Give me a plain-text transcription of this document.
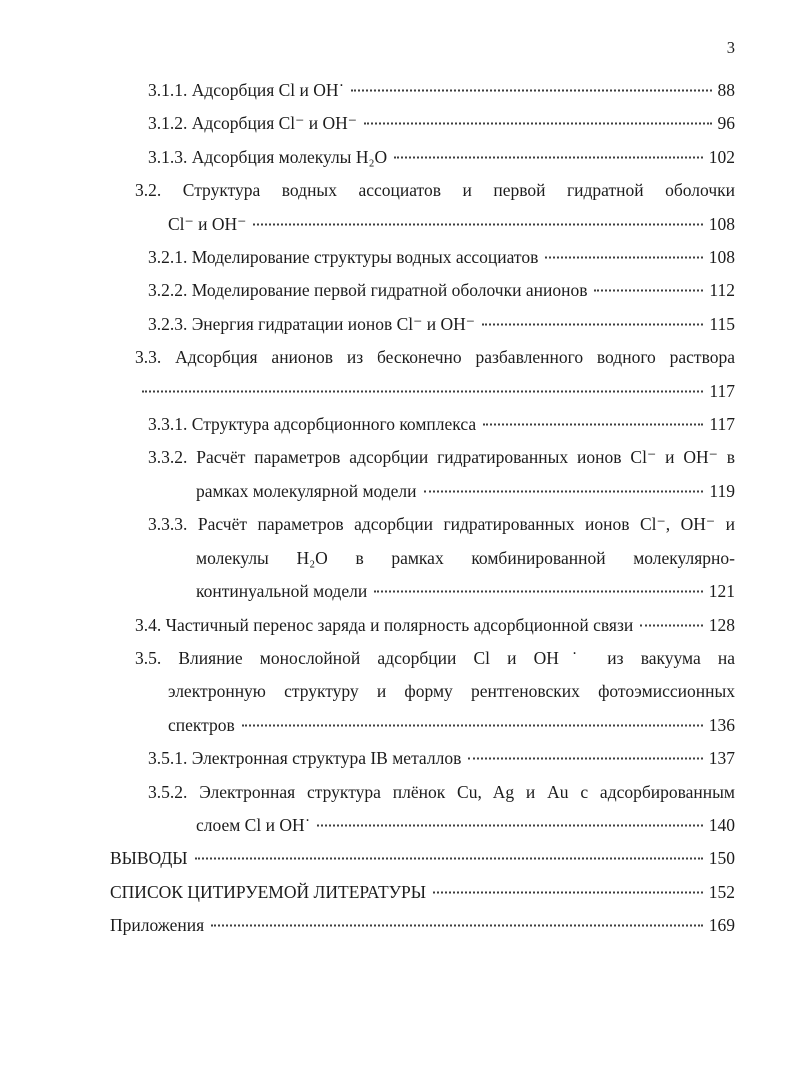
3
3.1.1. Адсорбция Cl и OH˙	88
3.1.2. Адсорбция Cl⁻ и OH⁻	96
3.1.3. Адсорбция молекулы H₂O	102
3.2. Структура водных ассоциатов и первой гидратной оболочки
Cl⁻ и OH⁻	108
3.2.1. Моделирование структуры водных ассоциатов	108
3.2.2. Моделирование первой гидратной оболочки анионов	112
3.2.3. Энергия гидратации ионов Cl⁻ и OH⁻	115
3.3. Адсорбция анионов из бесконечно разбавленного водного раствора
117
3.3.1. Структура адсорбционного комплекса	117
3.3.2. Расчёт параметров адсорбции гидратированных ионов Cl⁻ и OH⁻ в
рамках молекулярной модели	119
3.3.3. Расчёт параметров адсорбции гидратированных ионов Cl⁻, OH⁻ и
молекулы H₂O в рамках комбинированной молекулярно-
континуальной модели	121
3.4. Частичный перенос заряда и полярность адсорбционной связи	128
3.5. Влияние монослойной адсорбции Cl и OH˙ из вакуума на
электронную структуру и форму рентгеновских фотоэмиссионных
спектров	136
3.5.1. Электронная структура IB металлов	137
3.5.2. Электронная структура плёнок Cu, Ag и Au с адсорбированным
слоем Cl и OH˙	140
ВЫВОДЫ	150
СПИСОК ЦИТИРУЕМОЙ ЛИТЕРАТУРЫ	152
Приложения	169
